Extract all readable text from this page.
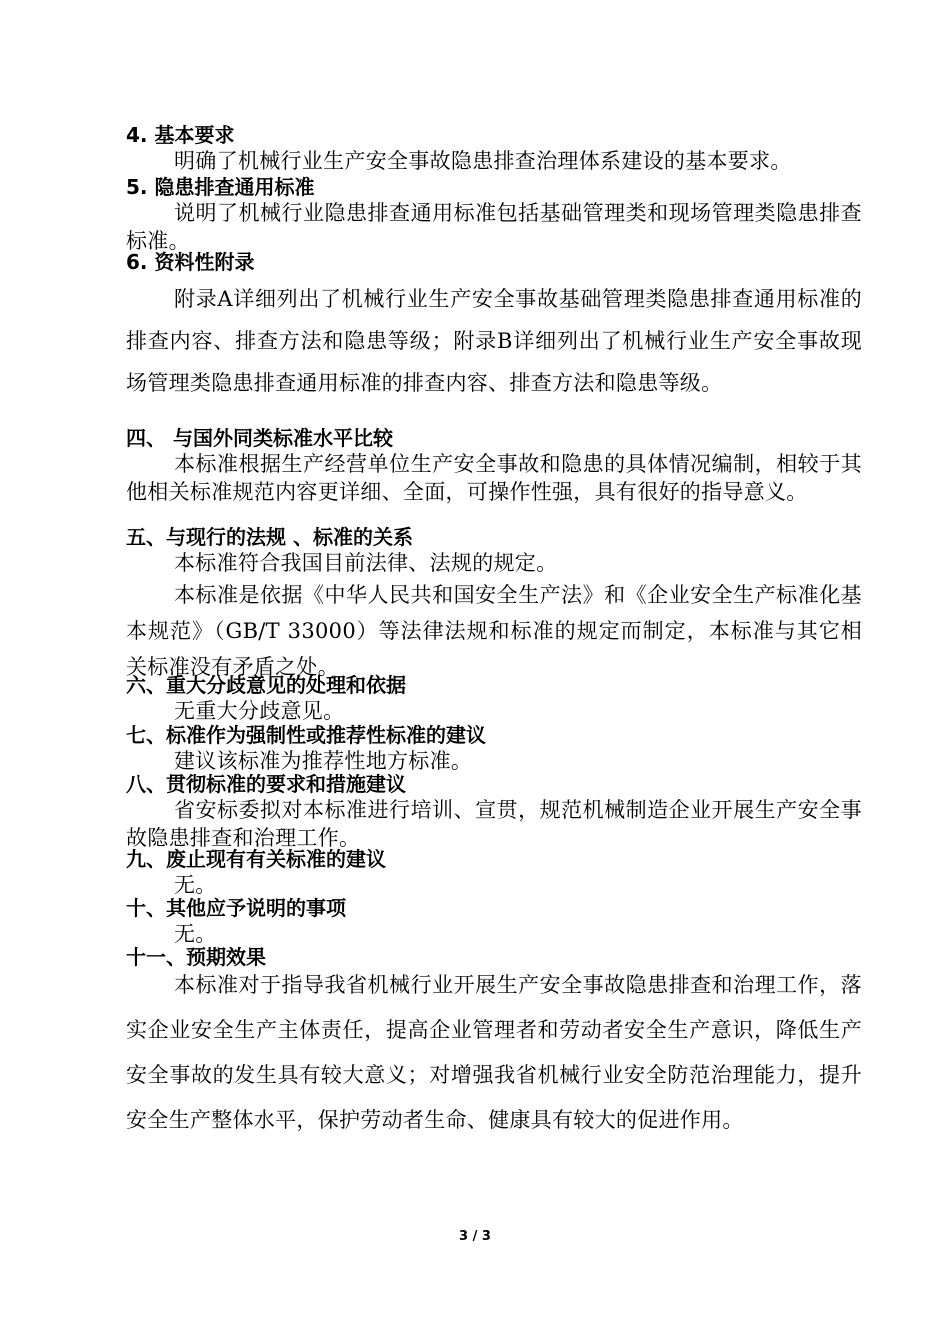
4. 基本要求
明确了机械行业生产安全事故隐患排查治理体系建设的基本要求。
5. 隐患排查通用标准
说明了机械行业隐患排查通用标准包括基础管理类和现场管理类隐患排查标准。
6. 资料性附录
附录A详细列出了机械行业生产安全事故基础管理类隐患排查通用标准的排查内容、排查方法和隐患等级；附录B详细列出了机械行业生产安全事故现场管理类隐患排查通用标准的排查内容、排查方法和隐患等级。
四、 与国外同类标准水平比较
本标准根据生产经营单位生产安全事故和隐患的具体情况编制，相较于其他相关标准规范内容更详细、全面，可操作性强，具有很好的指导意义。
五、与现行的法规 、标准的关系
本标准符合我国目前法律、法规的规定。
本标准是依据《中华人民共和国安全生产法》和《企业安全生产标准化基本规范》（GB/T 33000）等法律法规和标准的规定而制定，本标准与其它相关标准没有矛盾之处。
六、重大分歧意见的处理和依据
无重大分歧意见。
七、标准作为强制性或推荐性标准的建议
建议该标准为推荐性地方标准。
八、贯彻标准的要求和措施建议
省安标委拟对本标准进行培训、宣贯，规范机械制造企业开展生产安全事故隐患排查和治理工作。
九、废止现有有关标准的建议
无。
十、其他应予说明的事项
无。
十一、预期效果
本标准对于指导我省机械行业开展生产安全事故隐患排查和治理工作，落实企业安全生产主体责任，提高企业管理者和劳动者安全生产意识，降低生产安全事故的发生具有较大意义；对增强我省机械行业安全防范治理能力，提升安全生产整体水平，保护劳动者生命、健康具有较大的促进作用。
3 / 3
